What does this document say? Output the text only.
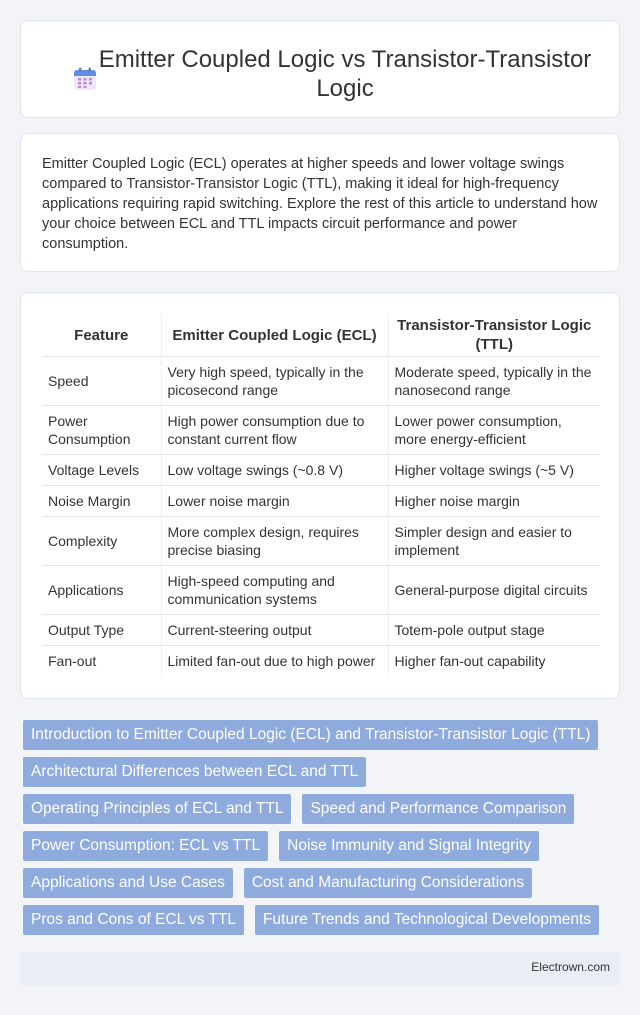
Emitter Coupled Logic vs Transistor-Transistor Logic

Emitter Coupled Logic (ECL) operates at higher speeds and lower voltage swings compared to Transistor-Transistor Logic (TTL), making it ideal for high-frequency applications requiring rapid switching. Explore the rest of this article to understand how your choice between ECL and TTL impacts circuit performance and power consumption.

Feature	Emitter Coupled Logic (ECL)	Transistor-Transistor Logic (TTL)
Speed	Very high speed, typically in the picosecond range	Moderate speed, typically in the nanosecond range
Power Consumption	High power consumption due to constant current flow	Lower power consumption, more energy-efficient
Voltage Levels	Low voltage swings (~0.8 V)	Higher voltage swings (~5 V)
Noise Margin	Lower noise margin	Higher noise margin
Complexity	More complex design, requires precise biasing	Simpler design and easier to implement
Applications	High-speed computing and communication systems	General-purpose digital circuits
Output Type	Current-steering output	Totem-pole output stage
Fan-out	Limited fan-out due to high power	Higher fan-out capability
Introduction to Emitter Coupled Logic (ECL) and Transistor-Transistor Logic (TTL)
Architectural Differences between ECL and TTL
Operating Principles of ECL and TTL	Speed and Performance Comparison
Power Consumption: ECL vs TTL	Noise Immunity and Signal Integrity
Applications and Use Cases	Cost and Manufacturing Considerations
Pros and Cons of ECL vs TTL	Future Trends and Technological Developments
Electrown.com
